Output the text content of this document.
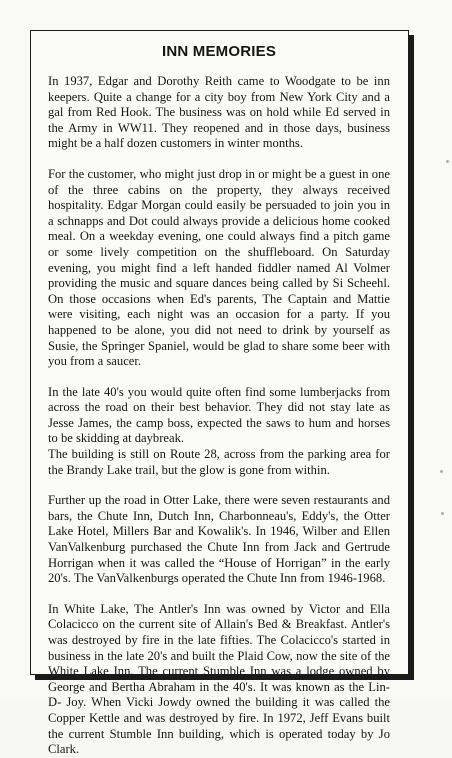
INN MEMORIES

In 1937, Edgar and Dorothy Reith came to Woodgate to be inn keepers. Quite a change for a city boy from New York City and a gal from Red Hook. The business was on hold while Ed served in the Army in WW11. They reopened and in those days, business might be a half dozen customers in winter months.

For the customer, who might just drop in or might be a guest in one of the three cabins on the property, they always received hospitality. Edgar Morgan could easily be persuaded to join you in a schnapps and Dot could always provide a delicious home cooked meal. On a weekday evening, one could always find a pitch game or some lively competition on the shuffleboard. On Saturday evening, you might find a left handed fiddler named Al Volmer providing the music and square dances being called by Si Scheehl. On those occasions when Ed's parents, The Captain and Mattie were visiting, each night was an occasion for a party. If you happened to be alone, you did not need to drink by yourself as Susie, the Springer Spaniel, would be glad to share some beer with you from a saucer.

In the late 40's you would quite often find some lumberjacks from across the road on their best behavior. They did not stay late as Jesse James, the camp boss, expected the saws to hum and horses to be skidding at daybreak.

The building is still on Route 28, across from the parking area for the Brandy Lake trail, but the glow is gone from within.

Further up the road in Otter Lake, there were seven restaurants and bars, the Chute Inn, Dutch Inn, Charbonneau's, Eddy's, the Otter Lake Hotel, Millers Bar and Kowalik's. In 1946, Wilber and Ellen VanValkenburg purchased the Chute Inn from Jack and Gertrude Horrigan when it was called the “House of Horrigan” in the early 20's. The VanValkenburgs operated the Chute Inn from 1946-1968.

In White Lake, The Antler's Inn was owned by Victor and Ella Colacicco on the current site of Allain's Bed & Breakfast. Antler's was destroyed by fire in the late fifties. The Colacicco's started in business in the late 20's and built the Plaid Cow, now the site of the White Lake Inn. The current Stumble Inn was a lodge owned by George and Bertha Abraham in the 40's. It was known as the Lin-D- Joy. When Vicki Jowdy owned the building it was called the Copper Kettle and was destroyed by fire. In 1972, Jeff Evans built the current Stumble Inn building, which is operated today by Jo Clark.
